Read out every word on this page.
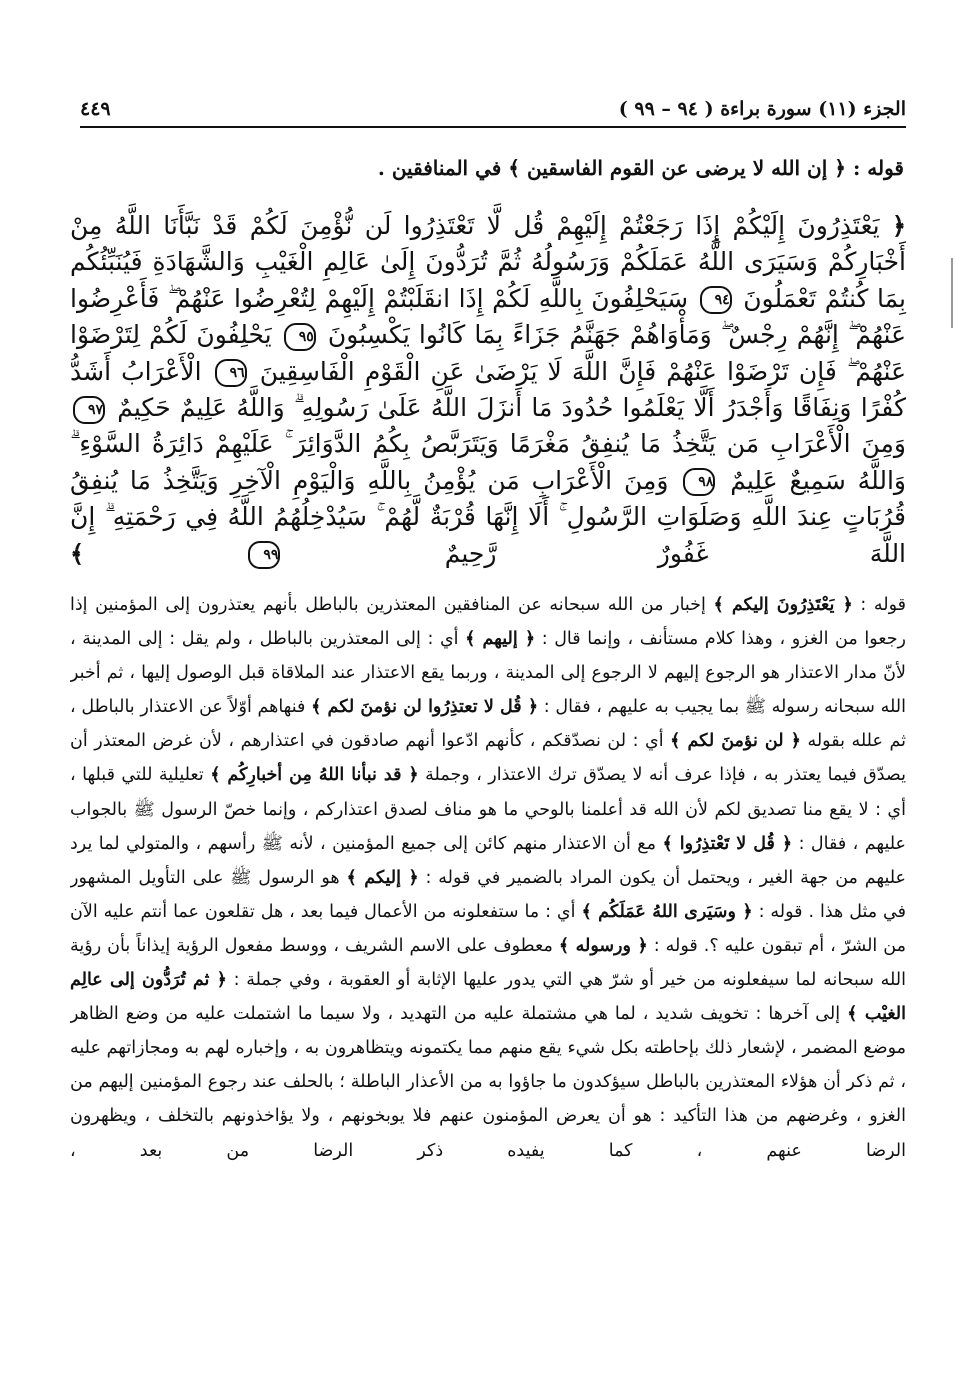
٤٤٩	الجزء (١١) سورة براءة ( ٩٤ – ٩٩ )
قوله : ﴿ إن الله لا يرضى عن القوم الفاسقين ﴾ في المنافقين .
﴿ يَعْتَذِرُونَ إِلَيْكُمْ إِذَا رَجَعْتُمْ إِلَيْهِمْ قُل لَّا تَعْتَذِرُوا لَن نُّؤْمِنَ لَكُمْ قَدْ نَبَّأَنَا اللَّهُ مِنْ أَخْبَارِكُمْ وَسَيَرَى اللَّهُ عَمَلَكُمْ وَرَسُولُهُ ثُمَّ تُرَدُّونَ إِلَىٰ عَالِمِ الْغَيْبِ وَالشَّهَادَةِ فَيُنَبِّئُكُم بِمَا كُنتُمْ تَعْمَلُونَ ٩٤ سَيَحْلِفُونَ بِاللَّهِ لَكُمْ إِذَا انقَلَبْتُمْ إِلَيْهِمْ لِتُعْرِضُوا عَنْهُمْ ۖ فَأَعْرِضُوا عَنْهُمْ ۖ إِنَّهُمْ رِجْسٌ ۖ وَمَأْوَاهُمْ جَهَنَّمُ جَزَاءً بِمَا كَانُوا يَكْسِبُونَ ٩٥ يَحْلِفُونَ لَكُمْ لِتَرْضَوْا عَنْهُمْ ۖ فَإِن تَرْضَوْا عَنْهُمْ فَإِنَّ اللَّهَ لَا يَرْضَىٰ عَنِ الْقَوْمِ الْفَاسِقِينَ ٩٦ الْأَعْرَابُ أَشَدُّ كُفْرًا وَنِفَاقًا وَأَجْدَرُ أَلَّا يَعْلَمُوا حُدُودَ مَا أَنزَلَ اللَّهُ عَلَىٰ رَسُولِهِ ۗ وَاللَّهُ عَلِيمٌ حَكِيمٌ ٩٧ وَمِنَ الْأَعْرَابِ مَن يَتَّخِذُ مَا يُنفِقُ مَغْرَمًا وَيَتَرَبَّصُ بِكُمُ الدَّوَائِرَ ۚ عَلَيْهِمْ دَائِرَةُ السَّوْءِ ۗ وَاللَّهُ سَمِيعٌ عَلِيمٌ ٩٨ وَمِنَ الْأَعْرَابِ مَن يُؤْمِنُ بِاللَّهِ وَالْيَوْمِ الْآخِرِ وَيَتَّخِذُ مَا يُنفِقُ قُرُبَاتٍ عِندَ اللَّهِ وَصَلَوَاتِ الرَّسُولِ ۚ أَلَا إِنَّهَا قُرْبَةٌ لَّهُمْ ۚ سَيُدْخِلُهُمُ اللَّهُ فِي رَحْمَتِهِ ۗ إِنَّ اللَّهَ غَفُورٌ رَّحِيمٌ ٩٩ ﴾
قوله : ﴿ يَعْتَذِرُونَ إليكم ﴾ إخبار من الله سبحانه عن المنافقين المعتذرين بالباطل بأنهم يعتذرون إلى المؤمنين إذا رجعوا من الغزو ، وهذا كلام مستأنف ، وإنما قال : ﴿ إليهم ﴾ أي : إلى المعتذرين بالباطل ، ولم يقل : إلى المدينة ، لأنّ مدار الاعتذار هو الرجوع إليهم لا الرجوع إلى المدينة ، وربما يقع الاعتذار عند الملاقاة قبل الوصول إليها ، ثم أخبر الله سبحانه رسوله ﷺ بما يجيب به عليهم ، فقال : ﴿ قُل لا تعتذِرُوا لن نؤمنَ لكم ﴾ فنهاهم أوّلاً عن الاعتذار بالباطل ، ثم علله بقوله ﴿ لن نؤمنَ لكم ﴾ أي : لن نصدّقكم ، كأنهم ادّعوا أنهم صادقون في اعتذارهم ، لأن غرض المعتذر أن يصدّق فيما يعتذر به ، فإذا عرف أنه لا يصدّق ترك الاعتذار ، وجملة ﴿ قد نبأنا اللهُ مِن أخبارِكُم ﴾ تعليلية للتي قبلها ، أي : لا يقع منا تصديق لكم لأن الله قد أعلمنا بالوحي ما هو مناف لصدق اعتذاركم ، وإنما خصّ الرسول ﷺ بالجواب عليهم ، فقال : ﴿ قُل لا تَعْتذِرُوا ﴾ مع أن الاعتذار منهم كائن إلى جميع المؤمنين ، لأنه ﷺ رأسهم ، والمتولي لما يرد عليهم من جهة الغير ، ويحتمل أن يكون المراد بالضمير في قوله : ﴿ إليكم ﴾ هو الرسول ﷺ على التأويل المشهور في مثل هذا . قوله : ﴿ وسَيَرى اللهُ عَمَلَكُم ﴾ أي : ما ستفعلونه من الأعمال فيما بعد ، هل تقلعون عما أنتم عليه الآن من الشرّ ، أم تبقون عليه ؟. قوله : ﴿ ورسوله ﴾ معطوف على الاسم الشريف ، ووسط مفعول الرؤية إيذاناً بأن رؤية الله سبحانه لما سيفعلونه من خير أو شرّ هي التي يدور عليها الإثابة أو العقوبة ، وفي جملة : ﴿ ثم تُرَدُّون إلى عالِم الغيْب ﴾ إلى آخرها : تخويف شديد ، لما هي مشتملة عليه من التهديد ، ولا سيما ما اشتملت عليه من وضع الظاهر موضع المضمر ، لإشعار ذلك بإحاطته بكل شيء يقع منهم مما يكتمونه ويتظاهرون به ، وإخباره لهم به ومجازاتهم عليه ، ثم ذكر أن هؤلاء المعتذرين بالباطل سيؤكدون ما جاؤوا به من الأعذار الباطلة ؛ بالحلف عند رجوع المؤمنين إليهم من الغزو ، وغرضهم من هذا التأكيد : هو أن يعرض المؤمنون عنهم فلا يوبخونهم ، ولا يؤاخذونهم بالتخلف ، ويظهرون الرضا عنهم ، كما يفيده ذكر الرضا من بعد ،
